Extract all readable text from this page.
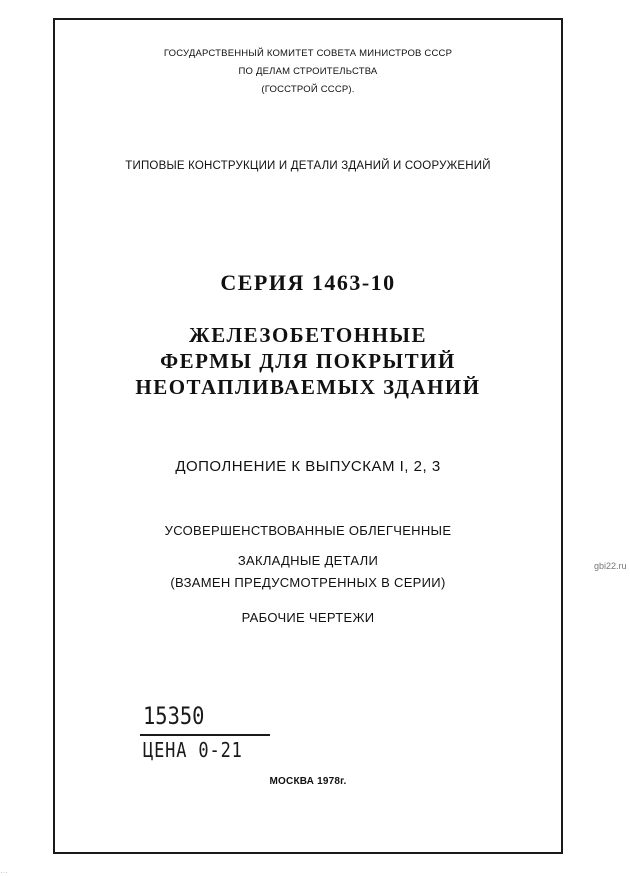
ГОСУДАРСТВЕННЫЙ КОМИТЕТ СОВЕТА МИНИСТРОВ СССР
ПО ДЕЛАМ СТРОИТЕЛЬСТВА
(ГОССТРОЙ СССР).
ТИПОВЫЕ КОНСТРУКЦИИ И ДЕТАЛИ ЗДАНИЙ И СООРУЖЕНИЙ
СЕРИЯ 1463-10
ЖЕЛЕЗОБЕТОННЫЕ
ФЕРМЫ ДЛЯ ПОКРЫТИЙ
НЕОТАПЛИВАЕМЫХ ЗДАНИЙ
ДОПОЛНЕНИЕ К ВЫПУСКАМ I, 2, 3
УСОВЕРШЕНСТВОВАННЫЕ ОБЛЕГЧЕННЫЕ
ЗАКЛАДНЫЕ ДЕТАЛИ
(ВЗАМЕН ПРЕДУСМОТРЕННЫХ В СЕРИИ)
РАБОЧИЕ ЧЕРТЕЖИ
15350
ЦЕНА 0-21
МОСКВА 1978г.
gbi22.ru
…
